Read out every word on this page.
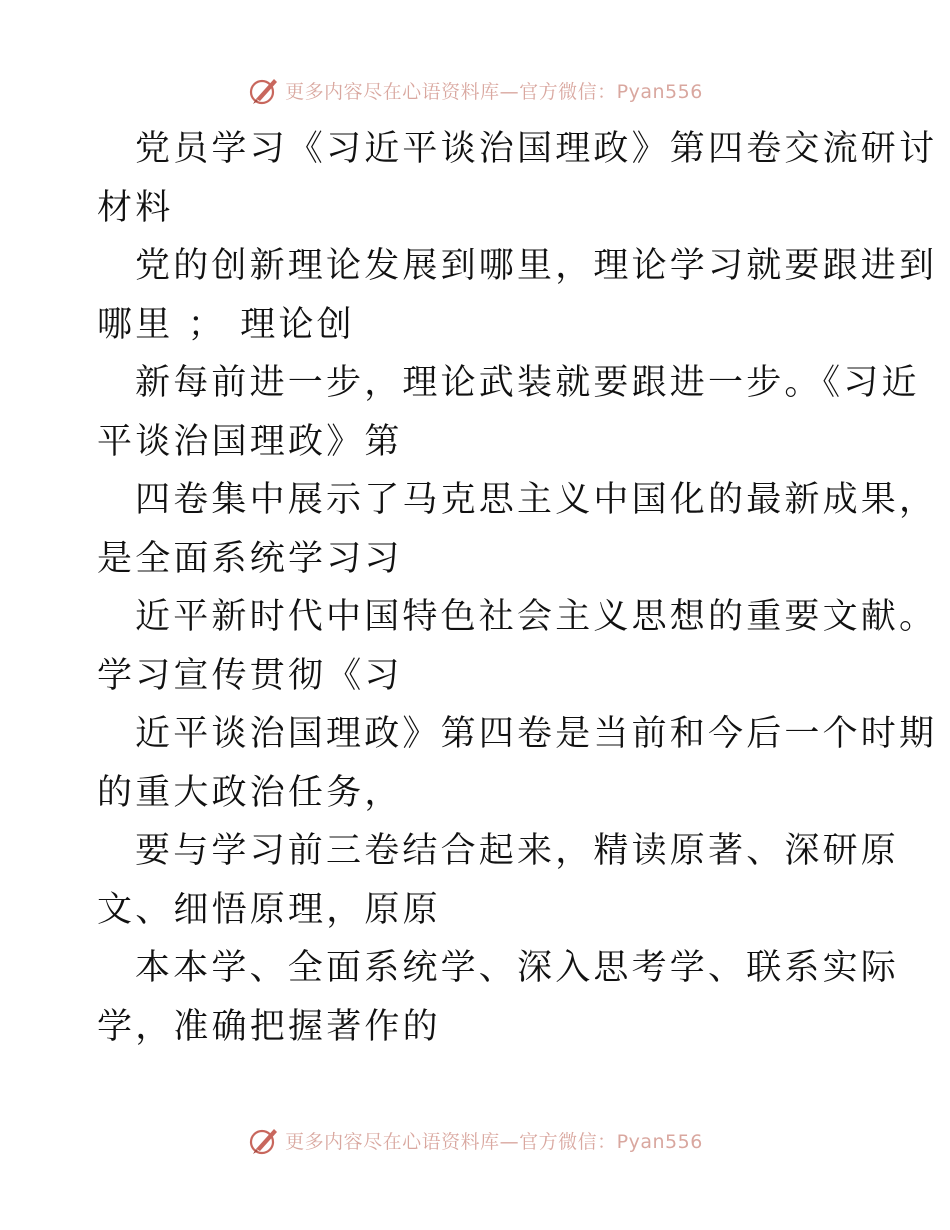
更多内容尽在心语资料库—官方微信：Pyan556
党员学习《习近平谈治国理政》第四卷交流研讨
材料
党的创新理论发展到哪里，理论学习就要跟进到
哪里 ； 理论创
新每前进一步，理论武装就要跟进一步。《习近
平谈治国理政》第
四卷集中展示了马克思主义中国化的最新成果，
是全面系统学习习
近平新时代中国特色社会主义思想的重要文献。
学习宣传贯彻《习
近平谈治国理政》第四卷是当前和今后一个时期
的重大政治任务，
要与学习前三卷结合起来，精读原著、深研原
文、细悟原理，原原
本本学、全面系统学、深入思考学、联系实际
学，准确把握著作的
更多内容尽在心语资料库—官方微信：Pyan556
